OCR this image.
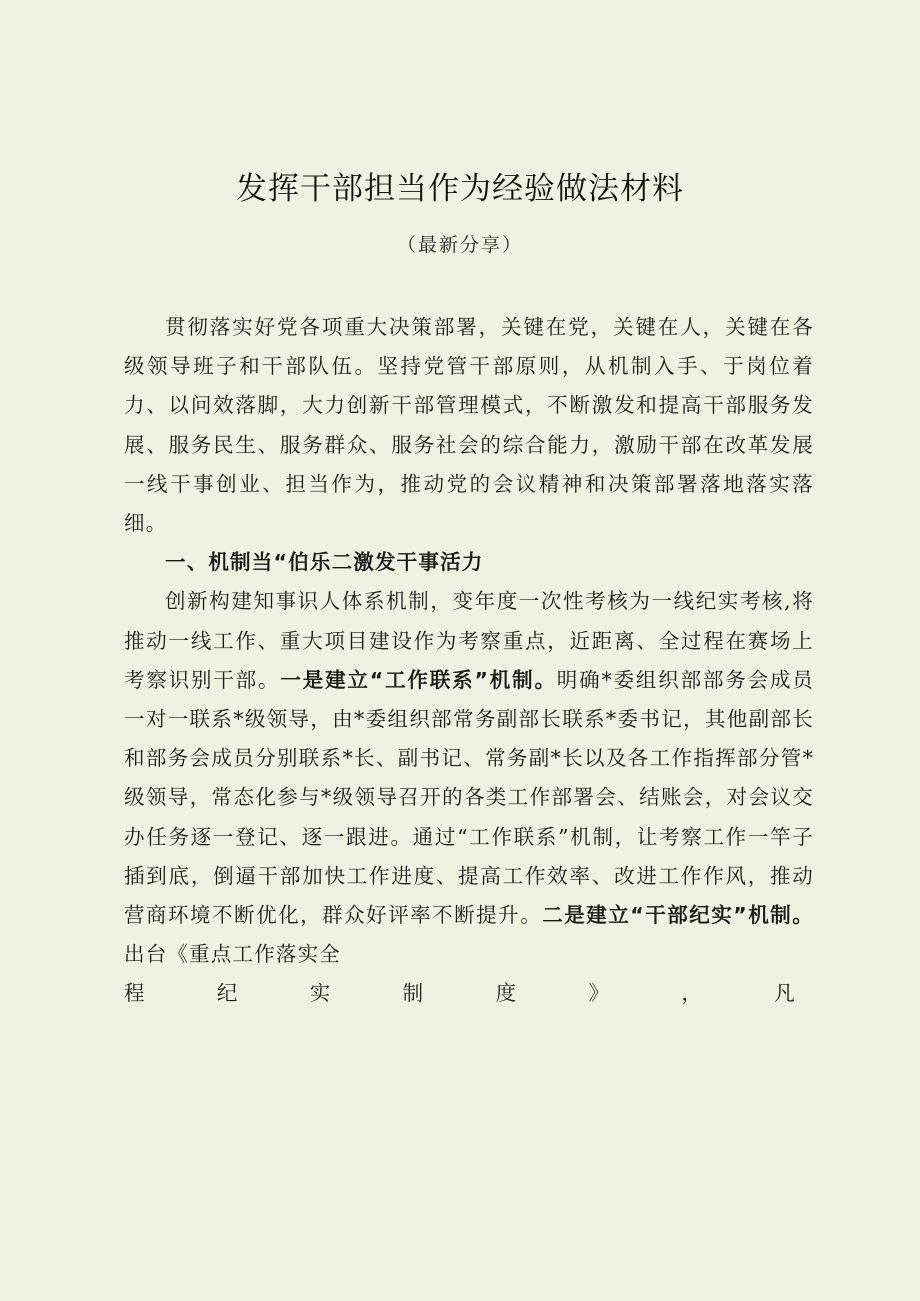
发挥干部担当作为经验做法材料
（最新分享）

贯彻落实好党各项重大决策部署，关键在党，关键在人，关键在各级领导班子和干部队伍。坚持党管干部原则，从机制入手、于岗位着力、以问效落脚，大力创新干部管理模式，不断激发和提高干部服务发展、服务民生、服务群众、服务社会的综合能力，激励干部在改革发展一线干事创业、担当作为，推动党的会议精神和决策部署落地落实落细。

一、机制当“伯乐二激发干事活力

创新构建知事识人体系机制，变年度一次性考核为一线纪实考核,将推动一线工作、重大项目建设作为考察重点，近距离、全过程在赛场上考察识别干部。一是建立“工作联系”机制。明确*委组织部部务会成员一对一联系*级领导，由*委组织部常务副部长联系*委书记，其他副部长和部务会成员分别联系*长、副书记、常务副*长以及各工作指挥部分管*级领导，常态化参与*级领导召开的各类工作部署会、结账会，对会议交办任务逐一登记、逐一跟进。通过“工作联系”机制，让考察工作一竿子插到底，倒逼干部加快工作进度、提高工作效率、改进工作作风，推动营商环境不断优化，群众好评率不断提升。二是建立“干部纪实”机制。出台《重点工作落实全

程	纪	实	制	度	》	，	凡
